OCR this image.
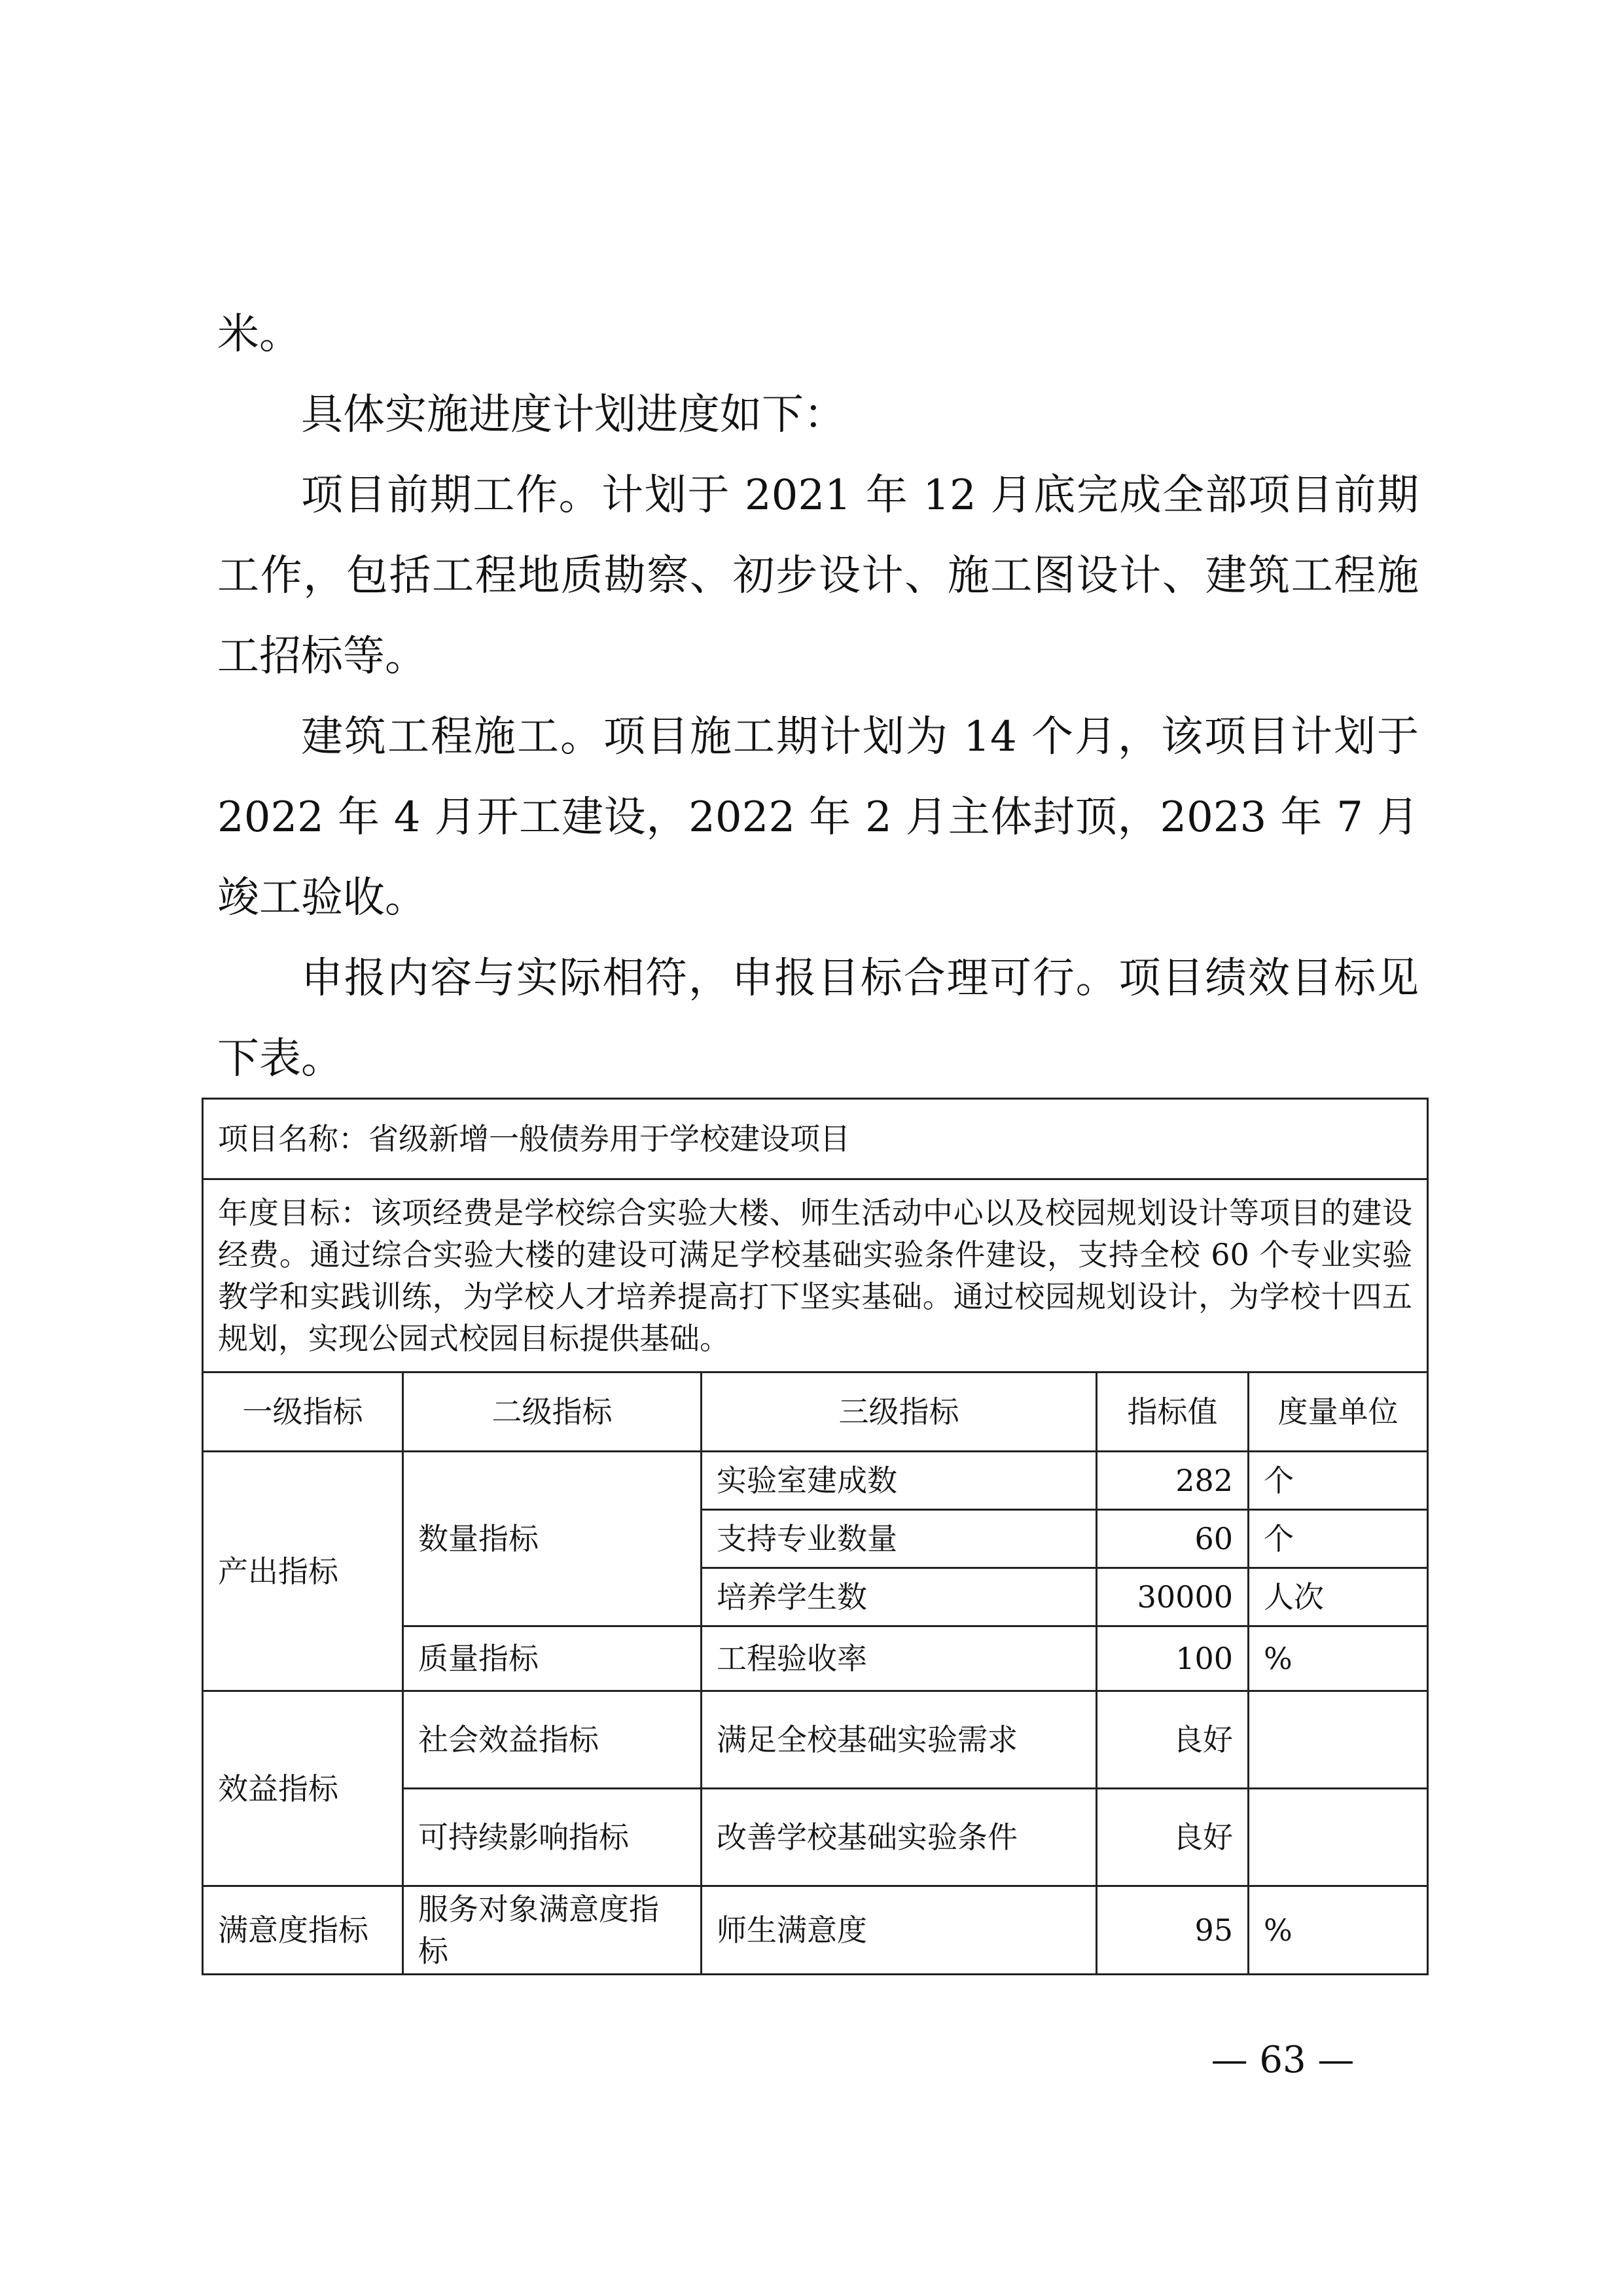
米。

具体实施进度计划进度如下：

项目前期工作。计划于 2021 年 12 月底完成全部项目前期工作，包括工程地质勘察、初步设计、施工图设计、建筑工程施工招标等。

建筑工程施工。项目施工期计划为 14 个月，该项目计划于 2022 年 4 月开工建设，2022 年 2 月主体封顶，2023 年 7 月竣工验收。

申报内容与实际相符，申报目标合理可行。项目绩效目标见下表。

项目名称：省级新增一般债券用于学校建设项目				
年度目标：该项经费是学校综合实验大楼、师生活动中心以及校园规划设计等项目的建设经费。通过综合实验大楼的建设可满足学校基础实验条件建设，支持全校 60 个专业实验教学和实践训练，为学校人才培养提高打下坚实基础。通过校园规划设计，为学校十四五规划，实现公园式校园目标提供基础。				
一级指标	二级指标	三级指标	指标值	度量单位
产出指标	数量指标	实验室建成数	282	个
		支持专业数量	60	个
		培养学生数	30000	人次
	质量指标	工程验收率	100	%
效益指标	社会效益指标	满足全校基础实验需求	良好	
	可持续影响指标	改善学校基础实验条件	良好	
满意度指标	服务对象满意度指标	师生满意度	95	%
— 63 —
